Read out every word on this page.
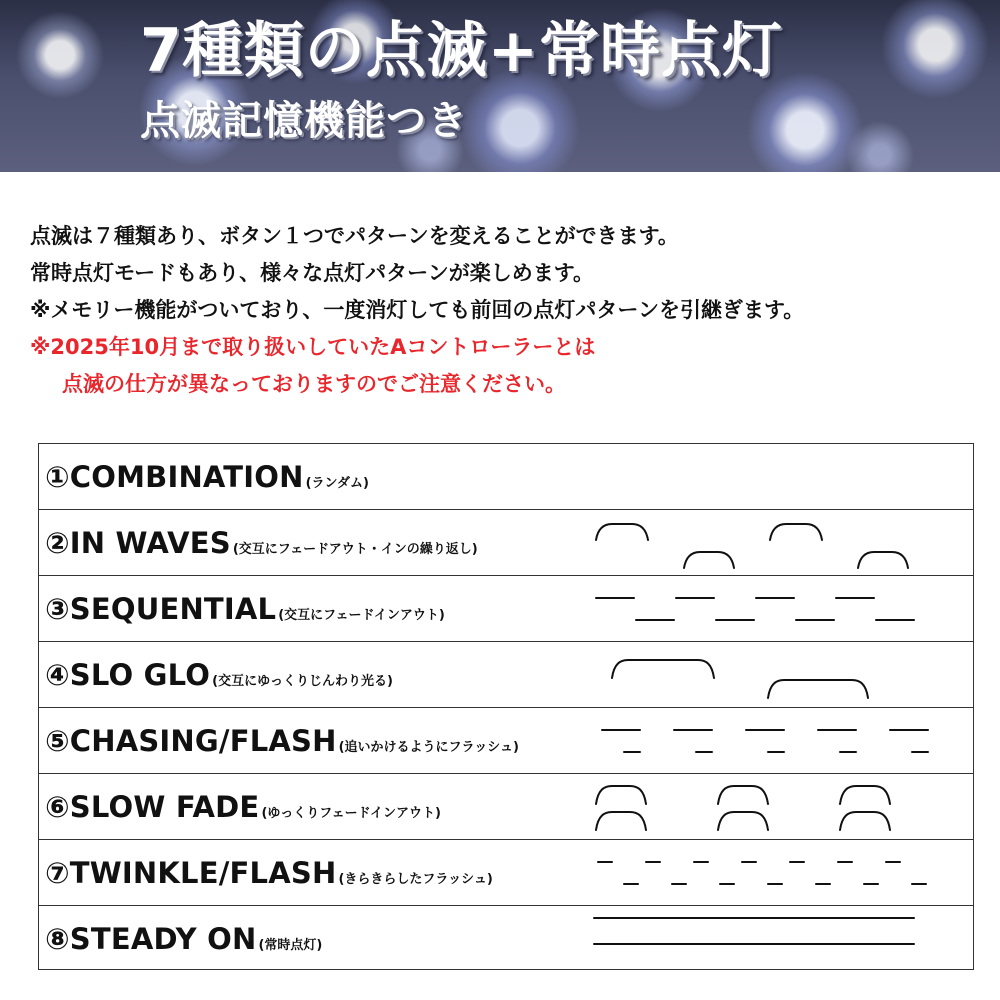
7種類の点滅+常時点灯
点滅記憶機能つき

点滅は７種類あり、ボタン１つでパターンを変えることができます。

常時点灯モードもあり、様々な点灯パターンが楽しめます。

※メモリー機能がついており、一度消灯しても前回の点灯パターンを引継ぎます。

※2025年10月まで取り扱いしていたAコントローラーとは

点滅の仕方が異なっておりますのでご注意ください。

①COMBINATION (ランダム)
②IN WAVES (交互にフェードアウト・インの繰り返し)
③SEQUENTIAL (交互にフェードインアウト)
④SLO GLO (交互にゆっくりじんわり光る)
⑤CHASING/FLASH (追いかけるようにフラッシュ)
⑥SLOW FADE (ゆっくりフェードインアウト)
⑦TWINKLE/FLASH (きらきらしたフラッシュ)
⑧STEADY ON (常時点灯)
